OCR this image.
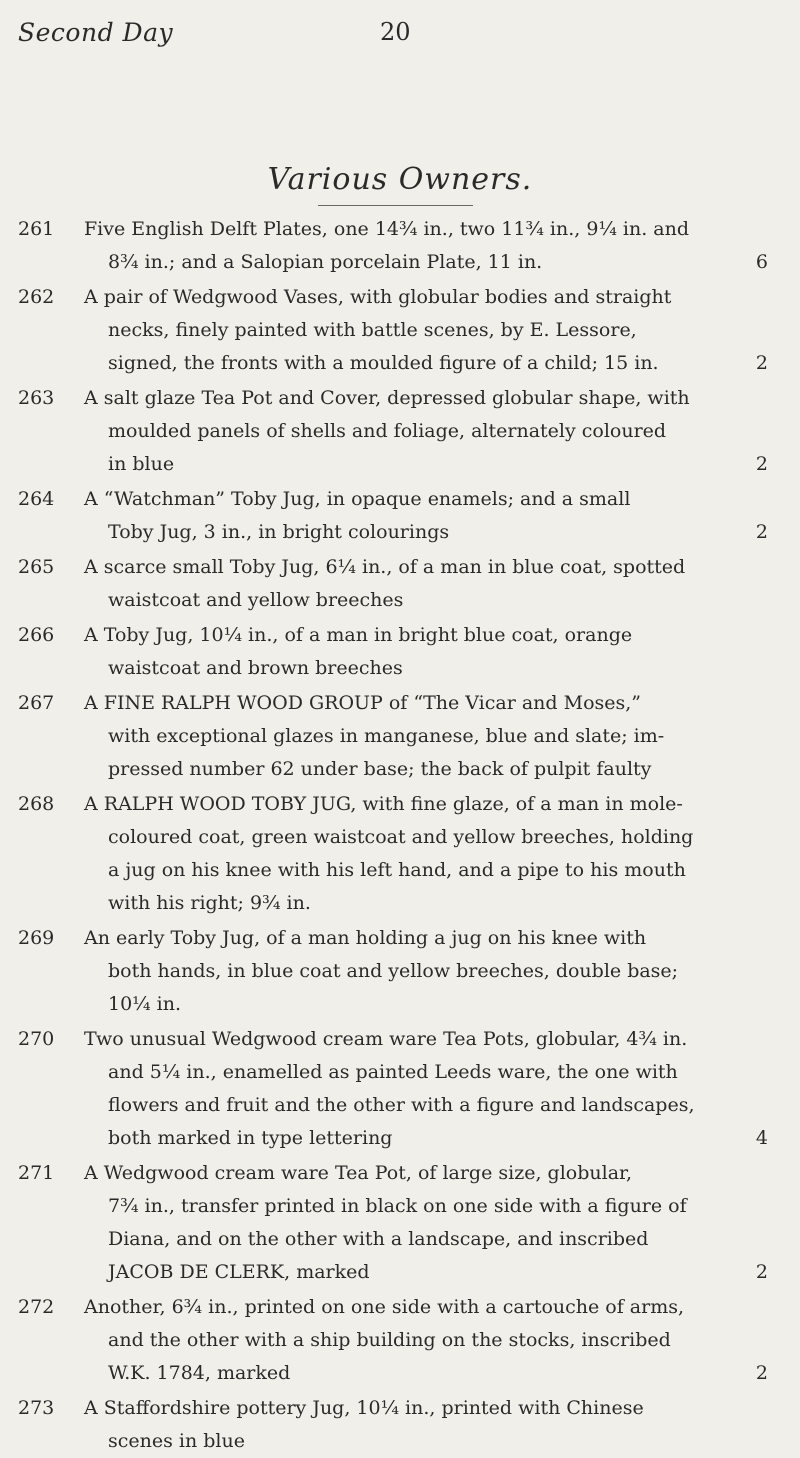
Second Day	20
Various Owners.
261	Five English Delft Plates, one 14¾ in., two 11¾ in., 9¼ in. and
8¾ in.; and a Salopian porcelain Plate, 11 in.	6
262	A pair of Wedgwood Vases, with globular bodies and straight
necks, finely painted with battle scenes, by E. Lessore,
signed, the fronts with a moulded figure of a child; 15 in.	2
263	A salt glaze Tea Pot and Cover, depressed globular shape, with
moulded panels of shells and foliage, alternately coloured
in blue	2
264	A “Watchman” Toby Jug, in opaque enamels; and a small
Toby Jug, 3 in., in bright colourings	2
265	A scarce small Toby Jug, 6¼ in., of a man in blue coat, spotted
waistcoat and yellow breeches
266	A Toby Jug, 10¼ in., of a man in bright blue coat, orange
waistcoat and brown breeches
267	A FINE RALPH WOOD GROUP of “The Vicar and Moses,”
with exceptional glazes in manganese, blue and slate; im-
pressed number 62 under base; the back of pulpit faulty
268	A RALPH WOOD TOBY JUG, with fine glaze, of a man in mole-
coloured coat, green waistcoat and yellow breeches, holding
a jug on his knee with his left hand, and a pipe to his mouth
with his right; 9¾ in.
269	An early Toby Jug, of a man holding a jug on his knee with
both hands, in blue coat and yellow breeches, double base;
10¼ in.
270	Two unusual Wedgwood cream ware Tea Pots, globular, 4¾ in.
and 5¼ in., enamelled as painted Leeds ware, the one with
flowers and fruit and the other with a figure and landscapes,
both marked in type lettering	4
271	A Wedgwood cream ware Tea Pot, of large size, globular,
7¾ in., transfer printed in black on one side with a figure of
Diana, and on the other with a landscape, and inscribed
JACOB DE CLERK, marked	2
272	Another, 6¾ in., printed on one side with a cartouche of arms,
and the other with a ship building on the stocks, inscribed
W.K. 1784, marked	2
273	A Staffordshire pottery Jug, 10¼ in., printed with Chinese
scenes in blue
